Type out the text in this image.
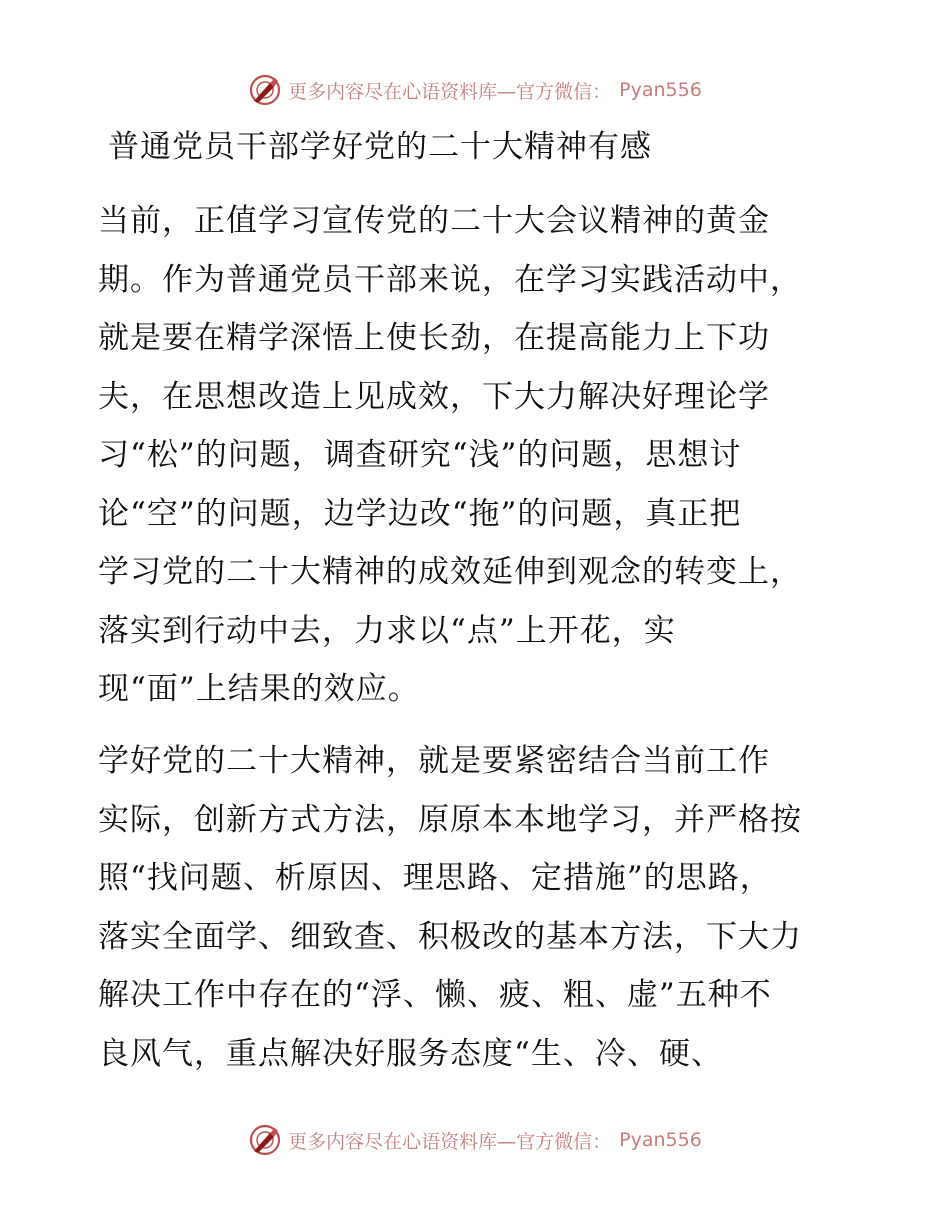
更多内容尽在心语资料库—官方微信： Pyan556
普通党员干部学好党的二十大精神有感
当前，正值学习宣传党的二十大会议精神的黄金
期。作为普通党员干部来说，在学习实践活动中，
就是要在精学深悟上使长劲，在提高能力上下功
夫，在思想改造上见成效，下大力解决好理论学
习“松”的问题，调查研究“浅”的问题，思想讨
论“空”的问题，边学边改“拖”的问题，真正把
学习党的二十大精神的成效延伸到观念的转变上，
落实到行动中去，力求以“点”上开花，实
现“面”上结果的效应。
学好党的二十大精神，就是要紧密结合当前工作
实际，创新方式方法，原原本本地学习，并严格按
照“找问题、析原因、理思路、定措施”的思路，
落实全面学、细致查、积极改的基本方法，下大力
解决工作中存在的“浮、懒、疲、粗、虚”五种不
良风气，重点解决好服务态度“生、冷、硬、
更多内容尽在心语资料库—官方微信： Pyan556
